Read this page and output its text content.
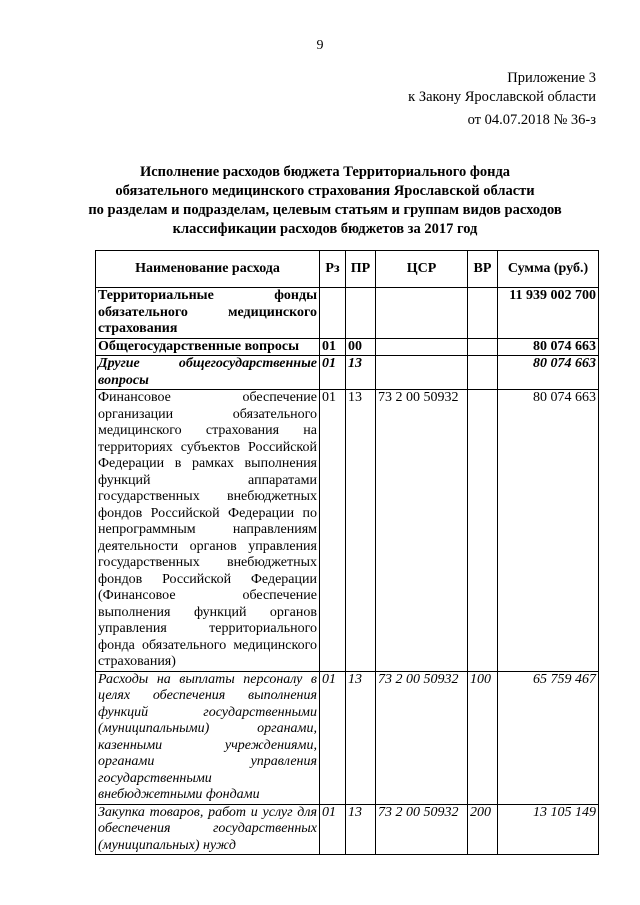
9
Приложение 3
к Закону Ярославской области
от 04.07.2018 № 36-з
Исполнение расходов бюджета Территориального фонда
обязательного медицинского страхования Ярославской области
по разделам и подразделам, целевым статьям и группам видов расходов
классификации расходов бюджетов за 2017 год
Наименование расхода	Рз	ПР	ЦСР	ВР	Сумма (руб.)
Территориальные фонды обязательного медицинского страхования					11 939 002 700
Общегосударственные вопросы	01	00			80 074 663
Другие общегосударственные вопросы	01	13			80 074 663
Финансовое обеспечение организации обязательного медицинского страхования на территориях субъектов Российской Федерации в рамках выполнения функций аппаратами государственных внебюджетных фондов Российской Федерации по непрограммным направлениям деятельности органов управления государственных внебюджетных фондов Российской Федерации (Финансовое обеспечение выполнения функций органов управления территориального фонда обязательного медицинского страхования)	01	13	73 2 00 50932		80 074 663
Расходы на выплаты персоналу в целях обеспечения выполнения функций государственными (муниципальными) органами, казенными учреждениями, органами управления государственными внебюджетными фондами	01	13	73 2 00 50932	100	65 759 467
Закупка товаров, работ и услуг для обеспечения государственных (муниципальных) нужд	01	13	73 2 00 50932	200	13 105 149
